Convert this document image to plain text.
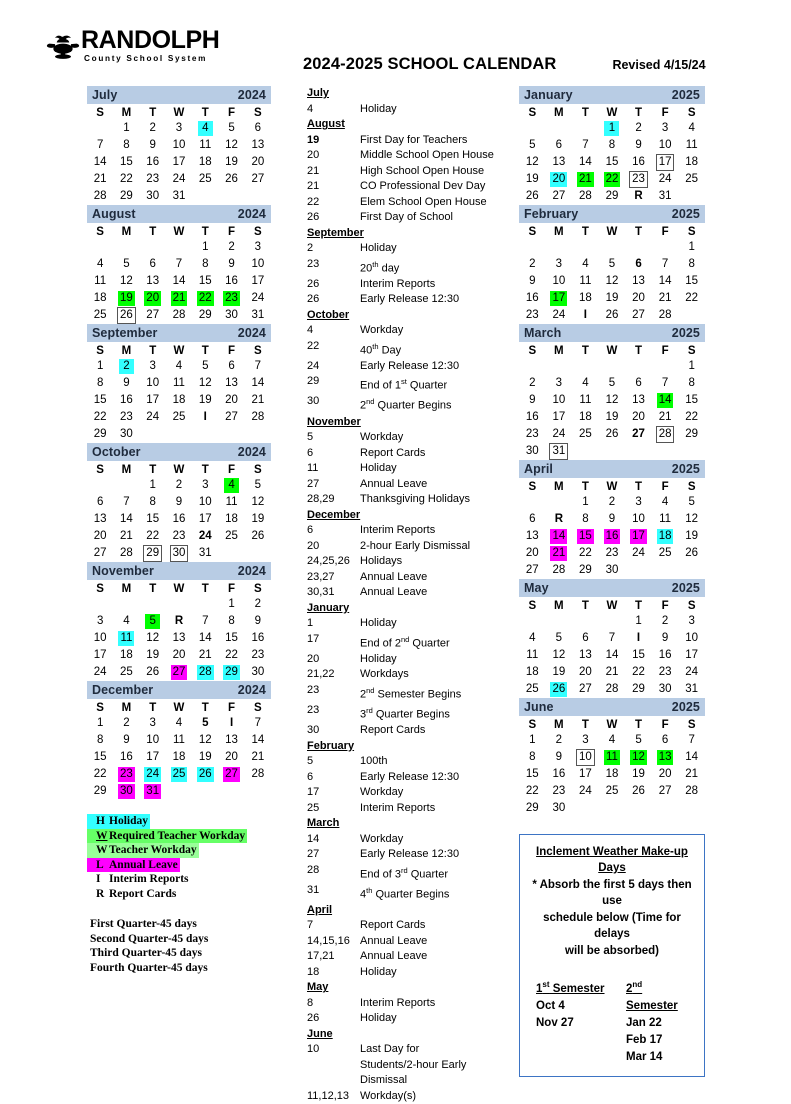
RANDOLPH
County School System	2024-2025 SCHOOL CALENDAR	Revised 4/15/24
July	2024
S	M	T	W	T	F	S
	1	2	3	4	5	6
7	8	9	10	11	12	13
14	15	16	17	18	19	20
21	22	23	24	25	26	27
28	29	30	31			
August	2024
S	M	T	W	T	F	S
				1	2	3
4	5	6	7	8	9	10
11	12	13	14	15	16	17
18	19	20	21	22	23	24
25	26	27	28	29	30	31
September	2024
S	M	T	W	T	F	S
1	2	3	4	5	6	7
8	9	10	11	12	13	14
15	16	17	18	19	20	21
22	23	24	25	I	27	28
29	30					
October	2024
S	M	T	W	T	F	S
		1	2	3	4	5
6	7	8	9	10	11	12
13	14	15	16	17	18	19
20	21	22	23	24	25	26
27	28	29	30	31		
November	2024
S	M	T	W	T	F	S
					1	2
3	4	5	R	7	8	9
10	11	12	13	14	15	16
17	18	19	20	21	22	23
24	25	26	27	28	29	30
December	2024
S	M	T	W	T	F	S
1	2	3	4	5	I	7
8	9	10	11	12	13	14
15	16	17	18	19	20	21
22	23	24	25	26	27	28
29	30	31				
H Holiday
W Required Teacher Workday
W Teacher Workday
L Annual Leave
I Interim Reports
R Report Cards
First Quarter-45 days
Second Quarter-45 days
Third Quarter-45 days
Fourth Quarter-45 days
July
4	Holiday
August
19	First Day for Teachers
20	Middle School Open House
21	High School Open House
21	CO Professional Dev Day
22	Elem School Open House
26	First Day of School
September
2	Holiday
23	20th day
26	Interim Reports
26	Early Release 12:30
October
4	Workday
22	40th Day
24	Early Release 12:30
29	End of 1st Quarter
30	2nd Quarter Begins
November
5	Workday
6	Report Cards
11	Holiday
27	Annual Leave
28,29	Thanksgiving Holidays
December
6	Interim Reports
20	2-hour Early Dismissal
24,25,26 Holidays
23,27	Annual Leave
30,31	Annual Leave
January
1	Holiday
17	End of 2nd Quarter
20	Holiday
21,22	Workdays
23	2nd Semester Begins
23	3rd Quarter Begins
30	Report Cards
February
5	100th
6	Early Release 12:30
17	Workday
25	Interim Reports
March
14	Workday
27	Early Release 12:30
28	End of 3rd Quarter
31	4th Quarter Begins
April
7	Report Cards
14,15,16 Annual Leave
17,21	Annual Leave
18	Holiday
May
8	Interim Reports
26	Holiday
June
10	Last Day for
Students/2-hour Early
Dismissal
11,12,13 Workday(s)
January	2025
S	M	T	W	T	F	S
			1	2	3	4
5	6	7	8	9	10	11
12	13	14	15	16	17	18
19	20	21	22	23	24	25
26	27	28	29	R	31	
February	2025
S	M	T	W	T	F	S
						1
2	3	4	5	6	7	8
9	10	11	12	13	14	15
16	17	18	19	20	21	22
23	24	I	26	27	28	
March	2025
S	M	T	W	T	F	S
						1
2	3	4	5	6	7	8
9	10	11	12	13	14	15
16	17	18	19	20	21	22
23	24	25	26	27	28	29
30	31					
April	2025
S	M	T	W	T	F	S
		1	2	3	4	5
6	R	8	9	10	11	12
13	14	15	16	17	18	19
20	21	22	23	24	25	26
27	28	29	30			
May	2025
S	M	T	W	T	F	S
				1	2	3
4	5	6	7	I	9	10
11	12	13	14	15	16	17
18	19	20	21	22	23	24
25	26	27	28	29	30	31
June	2025
S	M	T	W	T	F	S
1	2	3	4	5	6	7
8	9	10	11	12	13	14
15	16	17	18	19	20	21
22	23	24	25	26	27	28
29	30					
Inclement Weather Make-up Days
* Absorb the first 5 days then use
schedule below (Time for delays
will be absorbed)
1st Semester
Oct 4
Nov 27
2nd Semester
Jan 22
Feb 17
Mar 14
